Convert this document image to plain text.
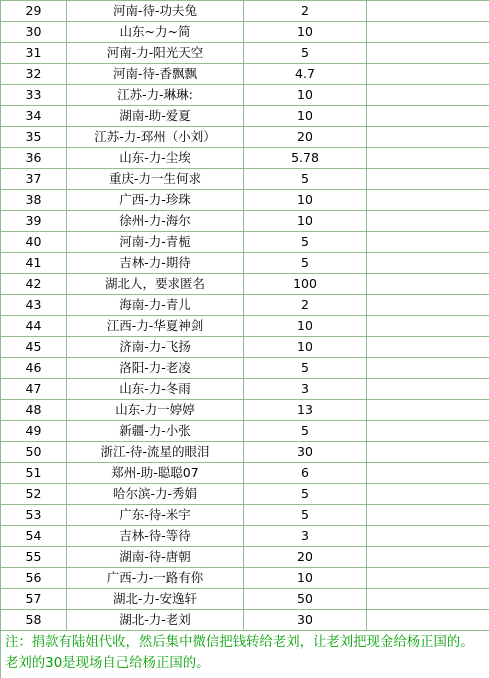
29	河南-待-功夫兔	2	
30	山东~力~简	10	
31	河南-力-阳光天空	5	
32	河南-待-香飘飘	4.7	
33	江苏-力-琳琳:	10	
34	湖南-助-爱夏	10	
35	江苏-力-邳州（小刘）	20	
36	山东-力-尘埃	5.78	
37	重庆-力一生何求	5	
38	广西-力-珍珠	10	
39	徐州-力-海尔	10	
40	河南-力-青栀	5	
41	吉林-力-期待	5	
42	湖北人，要求匿名	100	
43	海南-力-青儿	2	
44	江西-力-华夏神剑	10	
45	济南-力-飞扬	10	
46	洛阳-力-老凌	5	
47	山东-力-冬雨	3	
48	山东-力一婷婷	13	
49	新疆-力-小张	5	
50	浙江-待-流星的眼泪	30	
51	郑州-助-聪聪07	6	
52	哈尔滨-力-秀娟	5	
53	广东-待-米宇	5	
54	吉林-待-等待	3	
55	湖南-待-唐朝	20	
56	广西-力-一路有你	10	
57	湖北-力-安逸轩	50	
58	湖北-力-老刘	30	
注：捐款有陆姐代收，然后集中微信把钱转给老刘，让老刘把现金给杨正国的。老刘的30是现场自己给杨正国的。
